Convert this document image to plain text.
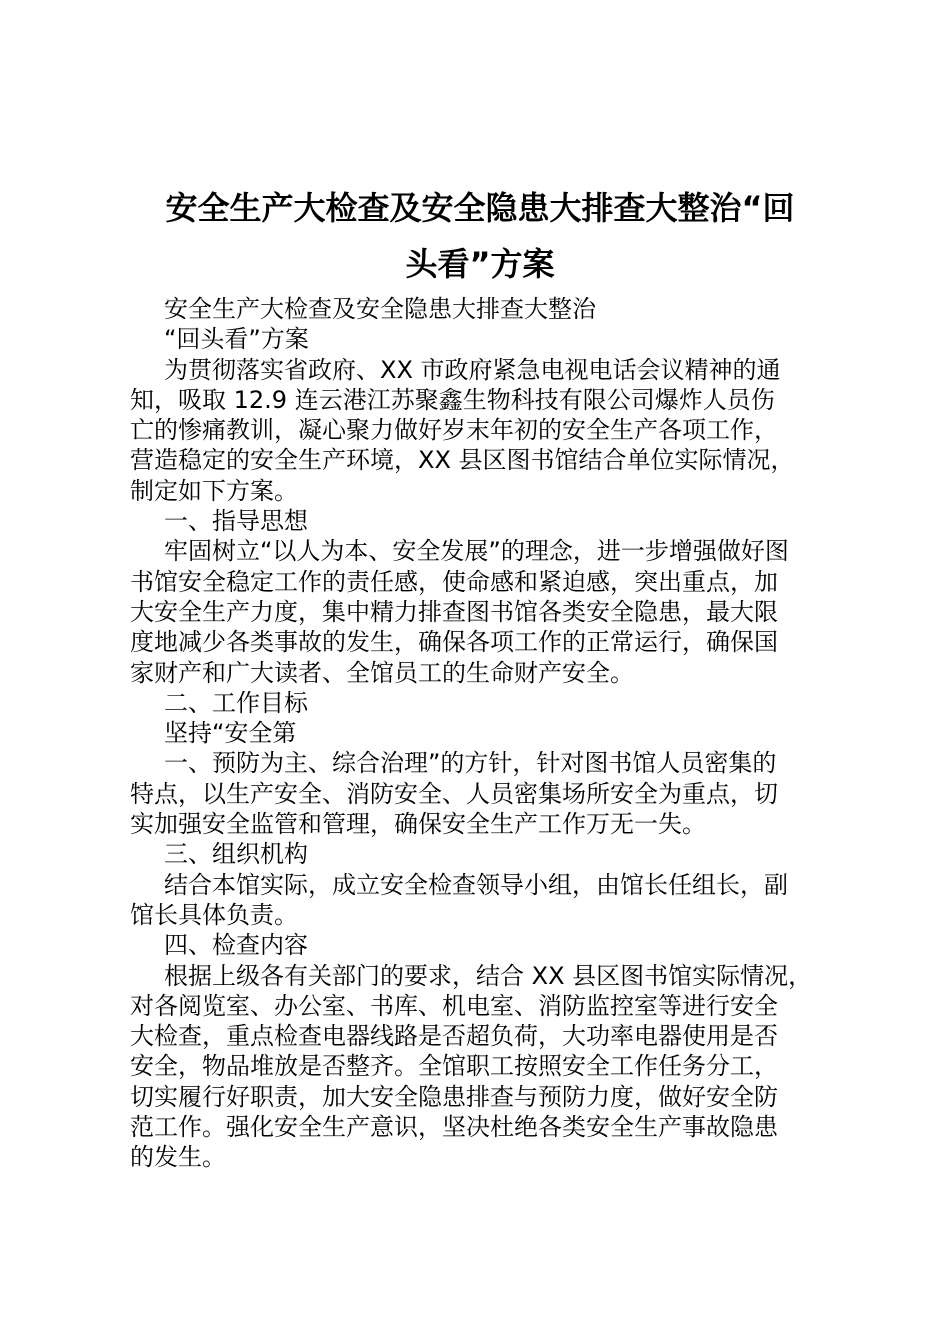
安全生产大检查及安全隐患大排查大整治“回
头看”方案
安全生产大检查及安全隐患大排查大整治
“回头看”方案
为贯彻落实省政府、XX 市政府紧急电视电话会议精神的通
知，吸取 12.9 连云港江苏聚鑫生物科技有限公司爆炸人员伤
亡的惨痛教训，凝心聚力做好岁末年初的安全生产各项工作，
营造稳定的安全生产环境，XX 县区图书馆结合单位实际情况，
制定如下方案。
一、指导思想
牢固树立“以人为本、安全发展”的理念，进一步增强做好图
书馆安全稳定工作的责任感，使命感和紧迫感，突出重点，加
大安全生产力度，集中精力排查图书馆各类安全隐患，最大限
度地减少各类事故的发生，确保各项工作的正常运行，确保国
家财产和广大读者、全馆员工的生命财产安全。
二、工作目标
坚持“安全第
一、预防为主、综合治理”的方针，针对图书馆人员密集的
特点，以生产安全、消防安全、人员密集场所安全为重点，切
实加强安全监管和管理，确保安全生产工作万无一失。
三、组织机构
结合本馆实际，成立安全检查领导小组，由馆长任组长，副
馆长具体负责。
四、检查内容
根据上级各有关部门的要求，结合 XX 县区图书馆实际情况，
对各阅览室、办公室、书库、机电室、消防监控室等进行安全
大检查，重点检查电器线路是否超负荷，大功率电器使用是否
安全，物品堆放是否整齐。全馆职工按照安全工作任务分工，
切实履行好职责，加大安全隐患排查与预防力度，做好安全防
范工作。强化安全生产意识，坚决杜绝各类安全生产事故隐患
的发生。
